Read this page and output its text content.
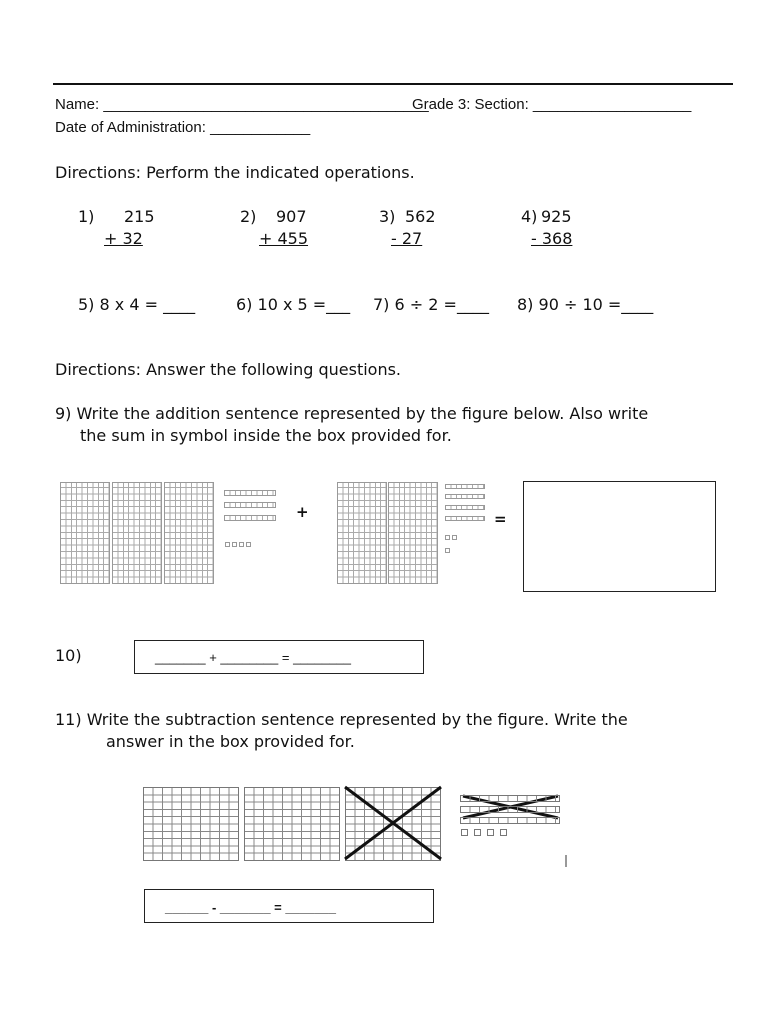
Name: _______________________________________
Grade 3: Section: ___________________
Date of Administration: ____________
Directions: Perform the indicated operations.
1) 215
+ 32
2) 907
+ 455
3) 562
- 27
4) 925
- 368
5) 8 x 4 = ____	6) 10 x 5 =___ 7) 6 ÷ 2 =____ 8) 90 ÷ 10 =____
Directions: Answer the following questions.
9) Write the addition sentence represented by the figure below. Also write
the sum in symbol inside the box provided for.
+	=
10)	_______ + ________ = ________
11) Write the subtraction sentence represented by the figure. Write the
answer in the box provided for.
______ - _______ = _______
